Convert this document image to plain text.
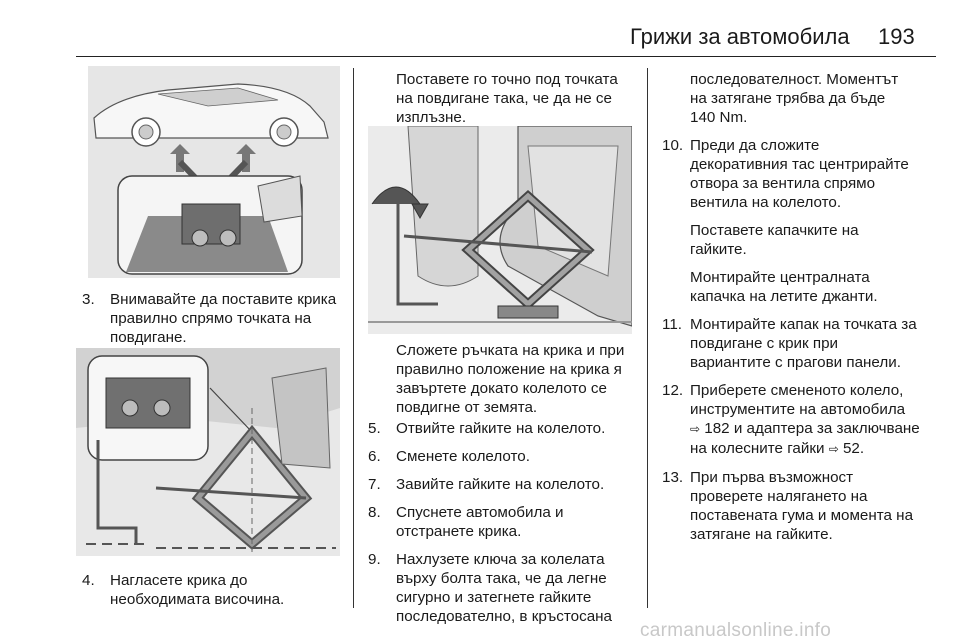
Грижи за автомобила 193
3. Внимавайте да поставите крика
правилно спрямо точката на
повдигане.
4. Нагласете крика до
необходимата височина.
Поставете го точно под точката
на повдигане така, че да не се
изплъзне.
Сложете ръчката на крика и при
правилно положение на крика я
завъртете докато колелото се
повдигне от земята.
5. Отвийте гайките на колелото.
6. Сменете колелото.
7. Завийте гайките на колелото.
8. Спуснете автомобила и
отстранете крика.
9. Нахлузете ключа за колелата
върху болта така, че да легне
сигурно и затегнете гайките
последователно, в кръстосана
последователност. Моментът
на затягане трябва да бъде
140 Nm.
10. Преди да сложите
декоративния тас центрирайте
отвора за вентила спрямо
вентила на колелото.
Поставете капачките на
гайките.
Монтирайте централната
капачка на летите джанти.
11. Монтирайте капак на точката за
повдигане с крик при
вариантите с прагови панели.
12. Приберете смененото колело,
инструментите на автомобила
⇨ 182 и адаптера за заключване
на колесните гайки ⇨ 52.
13. При първа възможност
проверете налягането на
поставената гума и момента на
затягане на гайките.
carmanualsonline.info
